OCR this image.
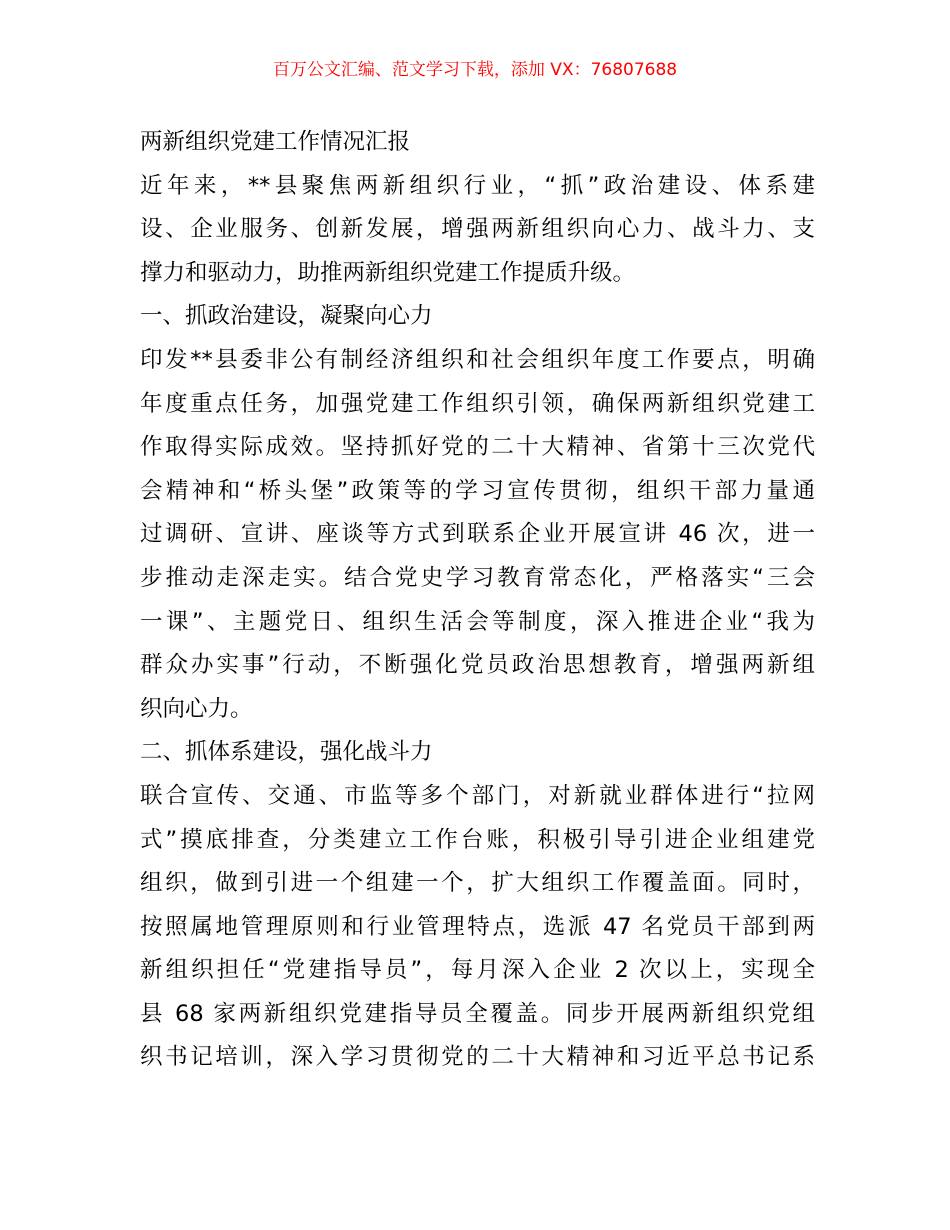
百万公文汇编、范文学习下载，添加 VX：76807688
两新组织党建工作情况汇报
近年来，**县聚焦两新组织行业，“抓”政治建设、体系建
设、企业服务、创新发展，增强两新组织向心力、战斗力、支
撑力和驱动力，助推两新组织党建工作提质升级。
一、抓政治建设，凝聚向心力
印发**县委非公有制经济组织和社会组织年度工作要点，明确
年度重点任务，加强党建工作组织引领，确保两新组织党建工
作取得实际成效。坚持抓好党的二十大精神、省第十三次党代
会精神和“桥头堡”政策等的学习宣传贯彻，组织干部力量通
过调研、宣讲、座谈等方式到联系企业开展宣讲 46 次，进一
步推动走深走实。结合党史学习教育常态化，严格落实“三会
一课”、主题党日、组织生活会等制度，深入推进企业“我为
群众办实事”行动，不断强化党员政治思想教育，增强两新组
织向心力。
二、抓体系建设，强化战斗力
联合宣传、交通、市监等多个部门，对新就业群体进行“拉网
式”摸底排查，分类建立工作台账，积极引导引进企业组建党
组织，做到引进一个组建一个，扩大组织工作覆盖面。同时，
按照属地管理原则和行业管理特点，选派 47 名党员干部到两
新组织担任“党建指导员”，每月深入企业 2 次以上，实现全
县 68 家两新组织党建指导员全覆盖。同步开展两新组织党组
织书记培训，深入学习贯彻党的二十大精神和习近平总书记系
